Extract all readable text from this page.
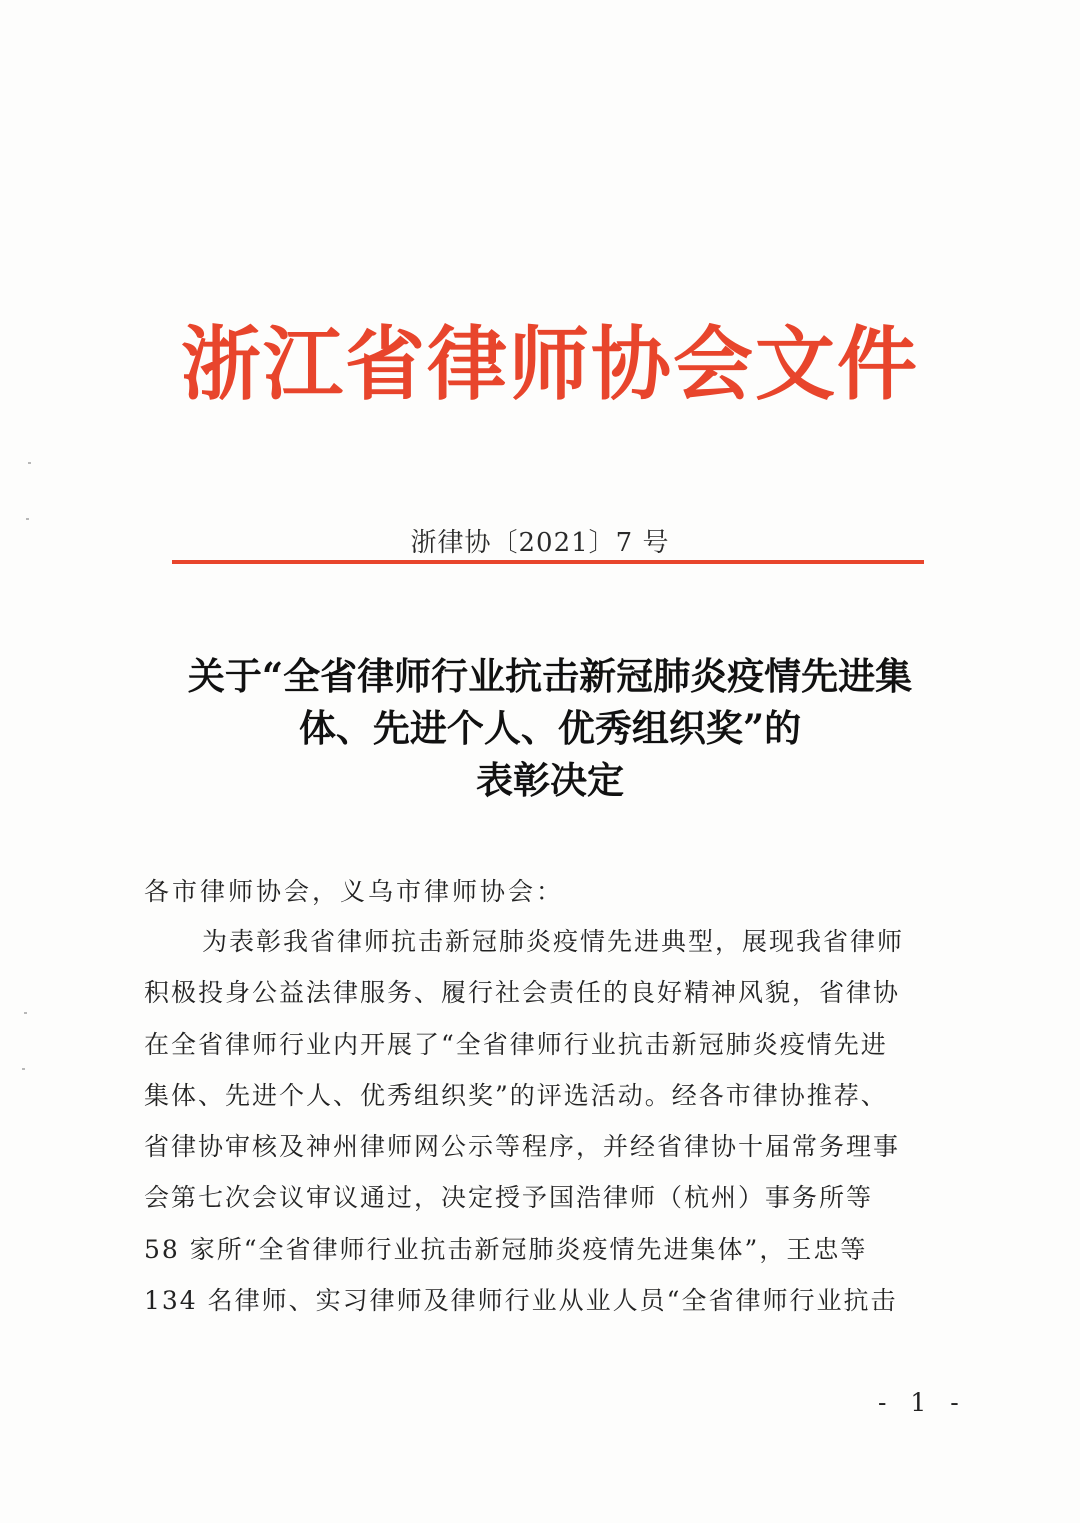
浙江省律师协会文件
浙律协〔2021〕7 号
关于“全省律师行业抗击新冠肺炎疫情先进集
体、先进个人、优秀组织奖”的
表彰决定
各市律师协会，义乌市律师协会：
为表彰我省律师抗击新冠肺炎疫情先进典型，展现我省律师
积极投身公益法律服务、履行社会责任的良好精神风貌，省律协
在全省律师行业内开展了“全省律师行业抗击新冠肺炎疫情先进
集体、先进个人、优秀组织奖”的评选活动。经各市律协推荐、
省律协审核及神州律师网公示等程序，并经省律协十届常务理事
会第七次会议审议通过，决定授予国浩律师（杭州）事务所等
58 家所“全省律师行业抗击新冠肺炎疫情先进集体”，王忠等
134 名律师、实习律师及律师行业从业人员“全省律师行业抗击
- 1 -
